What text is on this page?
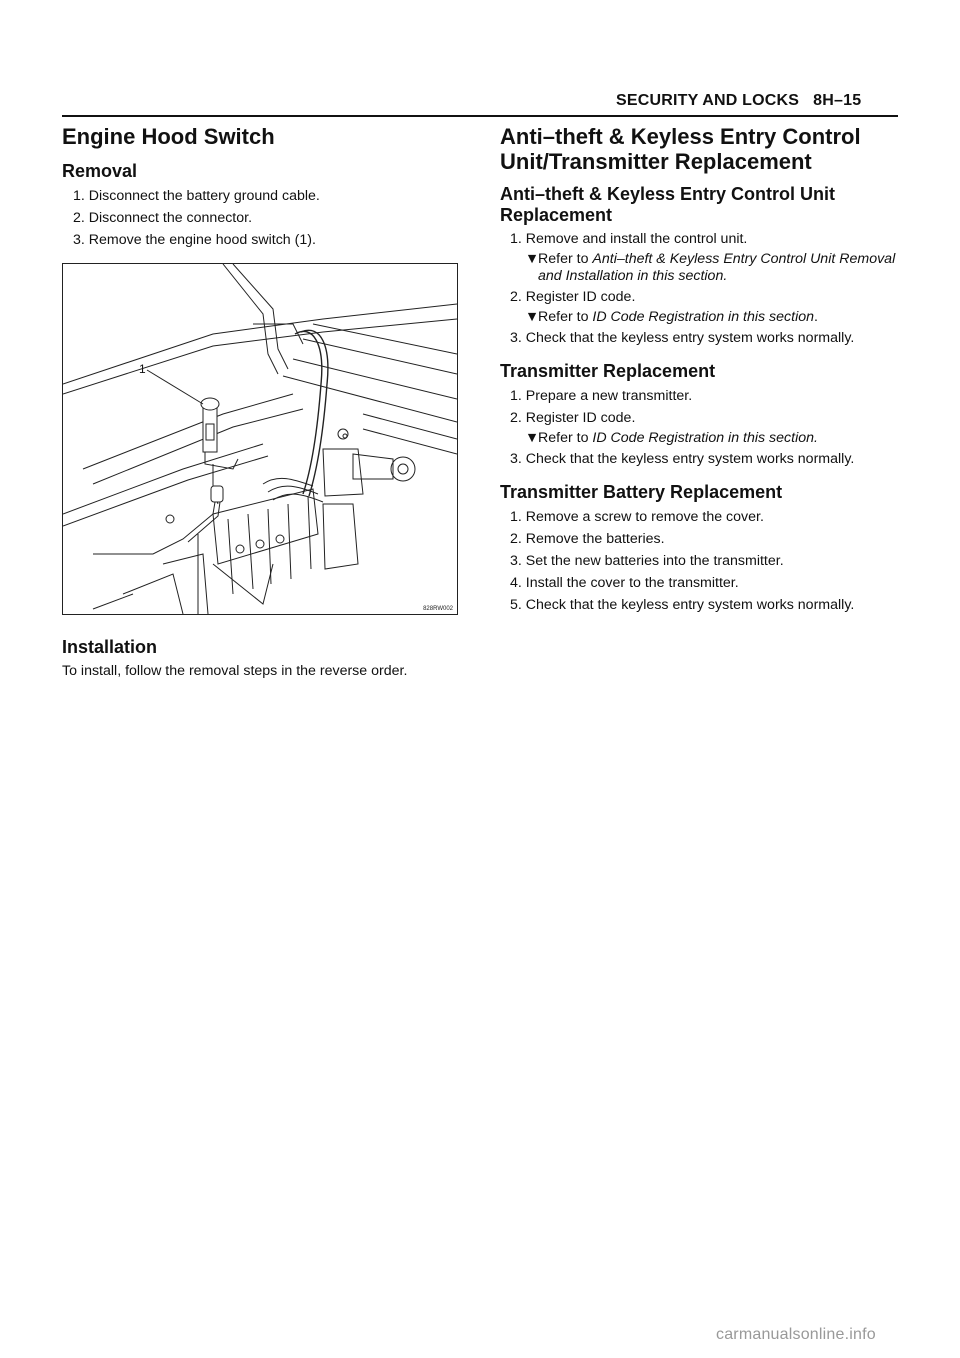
SECURITY AND LOCKS 8H–15
Engine Hood Switch
Removal

1. Disconnect the battery ground cable.

2. Disconnect the connector.

3. Remove the engine hood switch (1).

1
828RW002
Installation

To install, follow the removal steps in the reverse order.

Anti–theft & Keyless Entry Control
Unit/Transmitter Replacement
Anti–theft & Keyless Entry Control Unit
Replacement

1. Remove and install the control unit.

▼Refer to Anti–theft & Keyless Entry Control Unit Removal and Installation in this section.

2. Register ID code.

▼Refer to ID Code Registration in this section.

3. Check that the keyless entry system works normally.

Transmitter Replacement

1. Prepare a new transmitter.

2. Register ID code.

▼Refer to ID Code Registration in this section.

3. Check that the keyless entry system works normally.

Transmitter Battery Replacement

1. Remove a screw to remove the cover.

2. Remove the batteries.

3. Set the new batteries into the transmitter.

4. Install the cover to the transmitter.

5. Check that the keyless entry system works normally.

carmanualsonline.info
